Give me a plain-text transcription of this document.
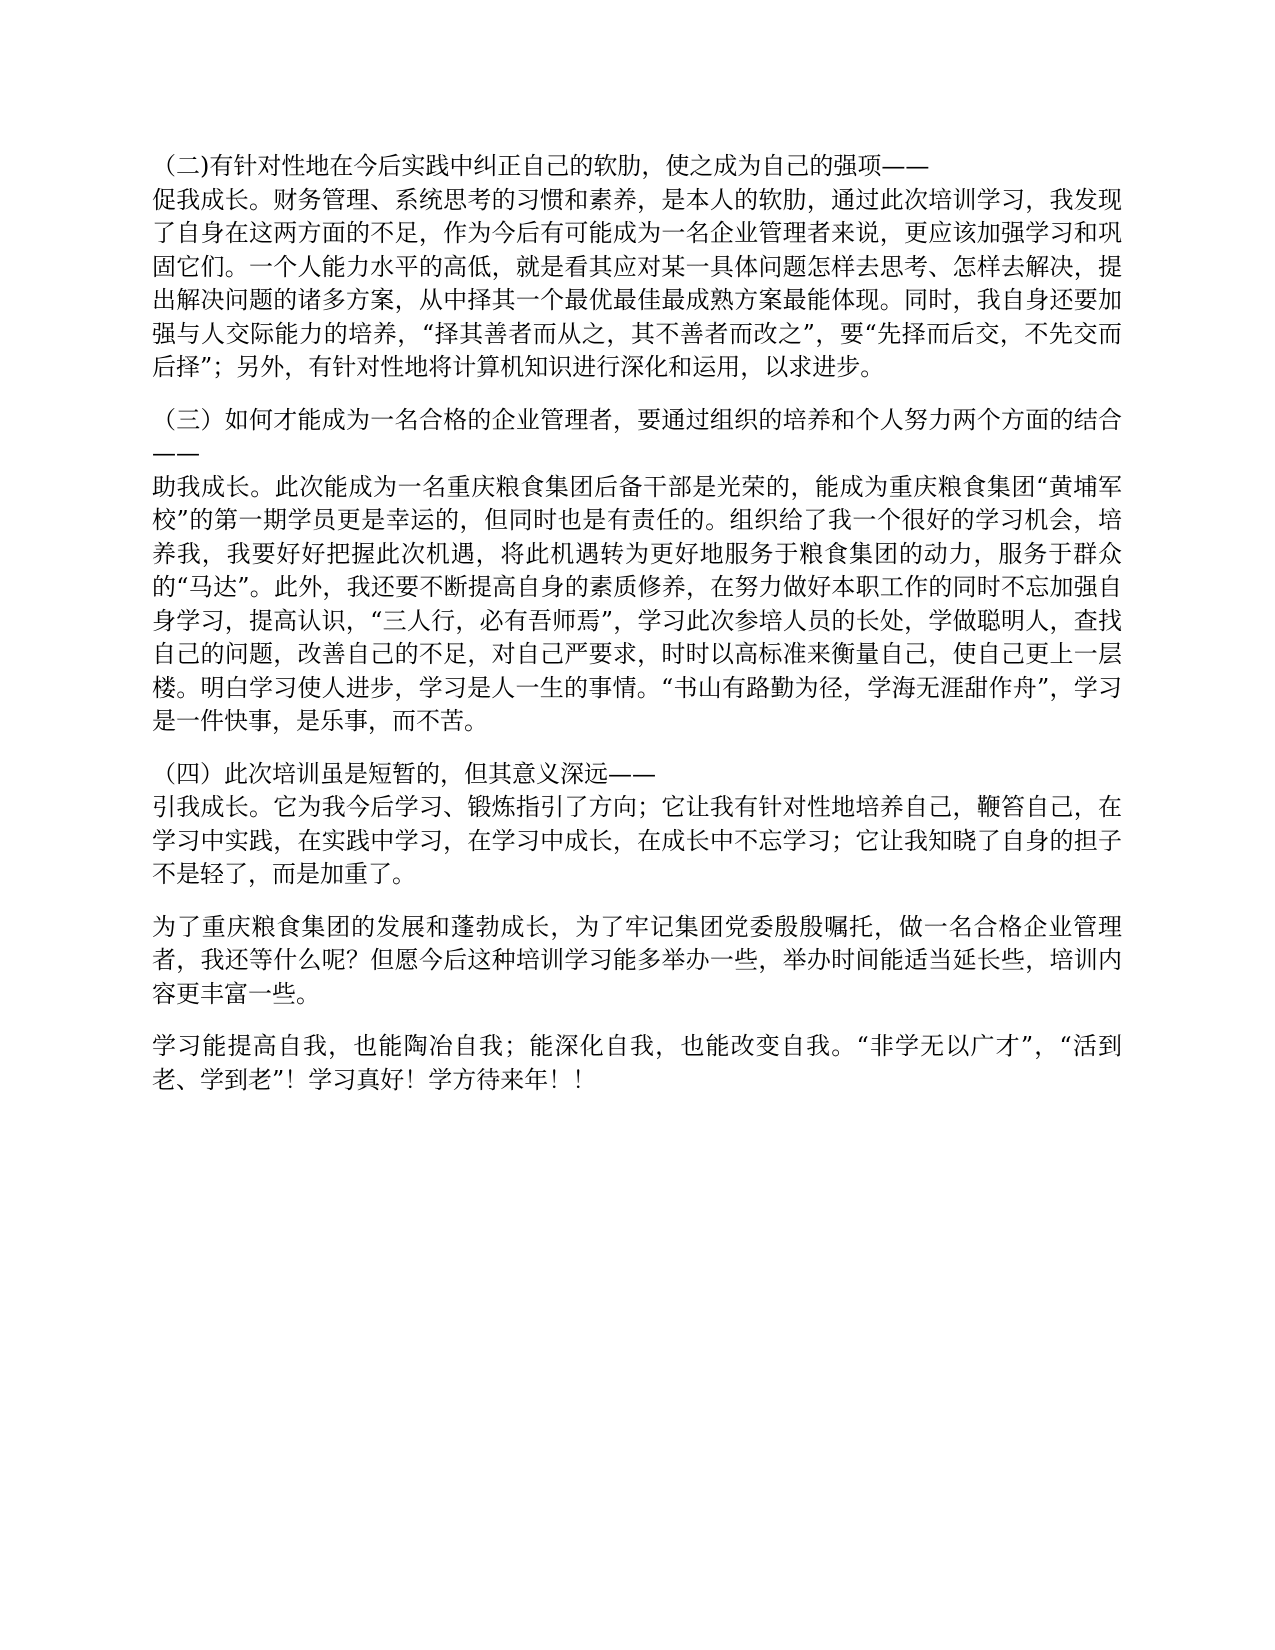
（二)有针对性地在今后实践中纠正自己的软肋，使之成为自己的强项——

促我成长。财务管理、系统思考的习惯和素养，是本人的软肋，通过此次培训学习，我发现了自身在这两方面的不足，作为今后有可能成为一名企业管理者来说，更应该加强学习和巩固它们。一个人能力水平的高低，就是看其应对某一具体问题怎样去思考、怎样去解决，提出解决问题的诸多方案，从中择其一个最优最佳最成熟方案最能体现。同时，我自身还要加强与人交际能力的培养，“择其善者而从之，其不善者而改之”，要“先择而后交，不先交而后择”；另外，有针对性地将计算机知识进行深化和运用，以求进步。

（三）如何才能成为一名合格的企业管理者，要通过组织的培养和个人努力两个方面的结合——

助我成长。此次能成为一名重庆粮食集团后备干部是光荣的，能成为重庆粮食集团“黄埔军校”的第一期学员更是幸运的，但同时也是有责任的。组织给了我一个很好的学习机会，培养我，我要好好把握此次机遇，将此机遇转为更好地服务于粮食集团的动力，服务于群众的“马达”。此外，我还要不断提高自身的素质修养，在努力做好本职工作的同时不忘加强自身学习，提高认识，“三人行，必有吾师焉”，学习此次参培人员的长处，学做聪明人，查找自己的问题，改善自己的不足，对自己严要求，时时以高标准来衡量自己，使自己更上一层楼。明白学习使人进步，学习是人一生的事情。“书山有路勤为径，学海无涯甜作舟”，学习是一件快事，是乐事，而不苦。

（四）此次培训虽是短暂的，但其意义深远——

引我成长。它为我今后学习、锻炼指引了方向；它让我有针对性地培养自己，鞭笞自己，在学习中实践，在实践中学习，在学习中成长，在成长中不忘学习；它让我知晓了自身的担子不是轻了，而是加重了。

为了重庆粮食集团的发展和蓬勃成长，为了牢记集团党委殷殷嘱托，做一名合格企业管理者，我还等什么呢？但愿今后这种培训学习能多举办一些，举办时间能适当延长些，培训内容更丰富一些。

学习能提高自我，也能陶冶自我；能深化自我，也能改变自我。“非学无以广才”，“活到老、学到老”！学习真好！学方待来年！！
